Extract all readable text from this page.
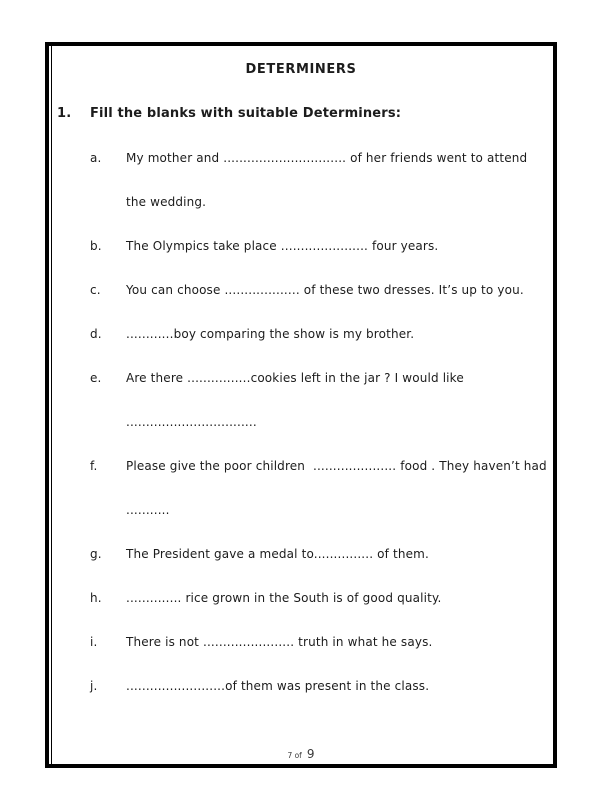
DETERMINERS
1.	Fill the blanks with suitable Determiners:
a.	My mother and ............................... of her friends went to attend
the wedding.
b.	The Olympics take place ...................... four years.
c.	You can choose ................... of these two dresses. It’s up to you.
d.	............boy comparing the show is my brother.
e.	Are there ................cookies left in the jar ? I would like
.................................
f.	Please give the poor children  ..................... food . They haven’t had
...........
g.	The President gave a medal to............... of them.
h.	.............. rice grown in the South is of good quality.
i.	There is not ....................... truth in what he says.
j.	.........................of them was present in the class.
7 of 9
